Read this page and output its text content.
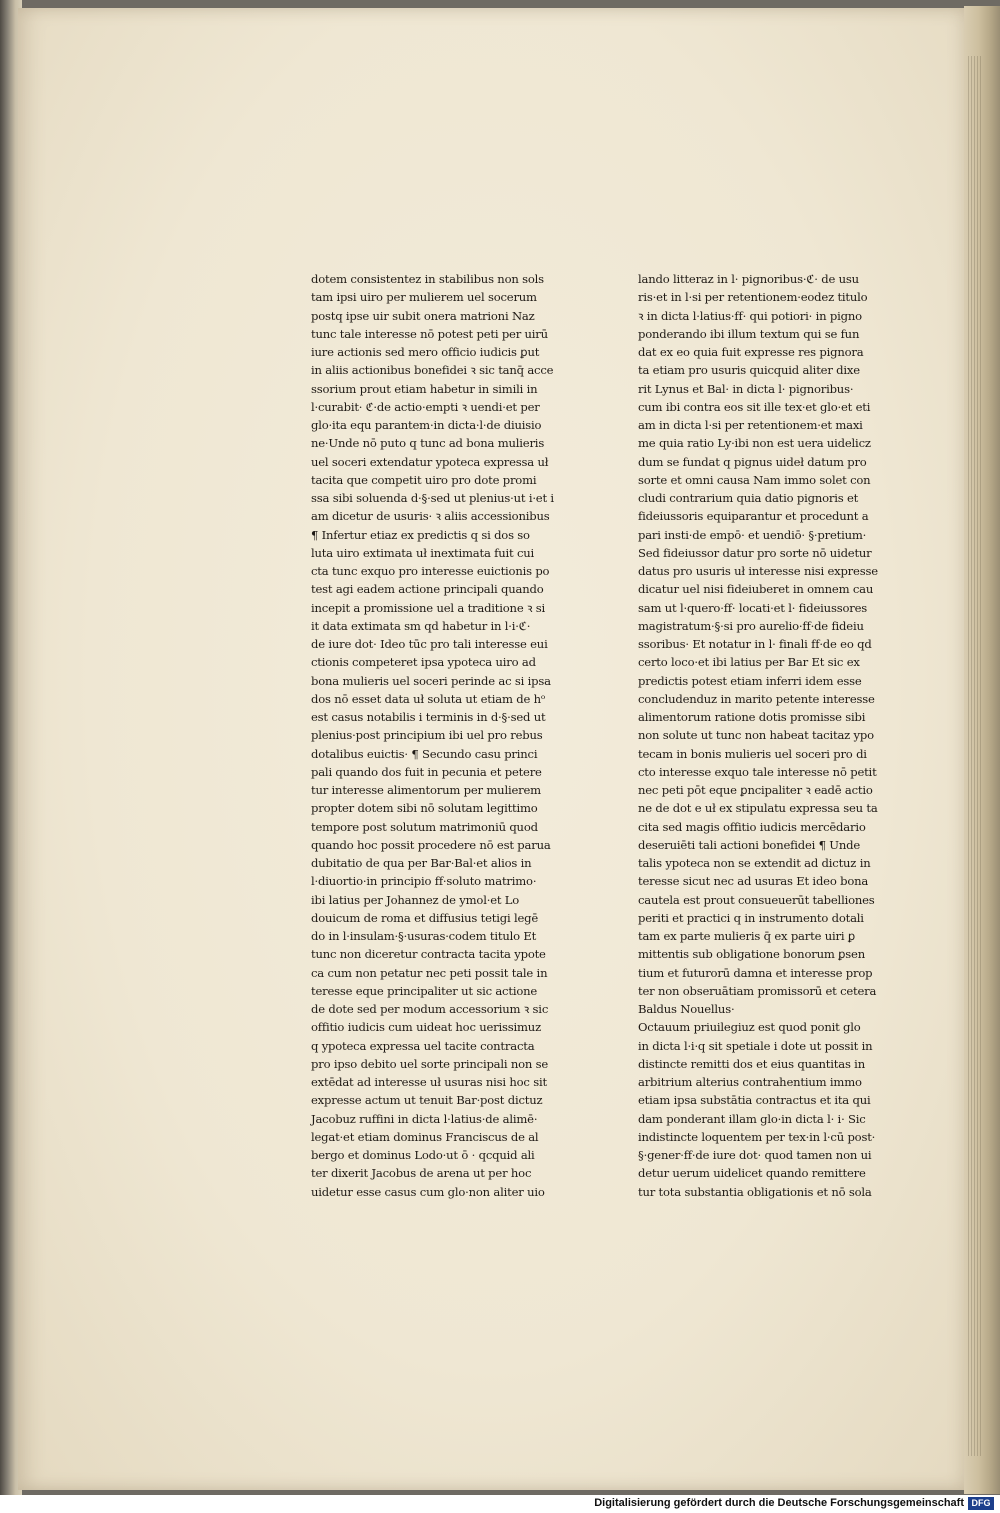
dotem consistentez in stabilibus non sols
tam ipsi uiro per mulierem uel socerum
postq ipse uir subit onera matrioni Naz
tunc tale interesse nō potest peti per uirū
iure actionis sed mero officio iudicis ꝑut
in aliis actionibus bonefidei ꝛ sic tanq̄ acce
ssorium prout etiam habetur in simili in
l·curabit· ℭ·de actio·empti ꝛ uendi·et per
glo·ita equ parantem·in dicta·l·de diuisio
ne·Unde nō puto q tunc ad bona mulieris
uel soceri extendatur ypoteca expressa uł
tacita que competit uiro pro dote promi
ssa sibi soluenda d·§·sed ut plenius·ut i·et i
am dicetur de usuris· ꝛ aliis accessionibus
¶ Infertur etiaz ex predictis q si dos so
luta uiro extimata uł inextimata fuit cui
cta tunc exquo pro interesse euictionis po
test agi eadem actione principali quando
incepit a promissione uel a traditione ꝛ si
it data extimata sm qd habetur in l·i·ℭ·
de iure dot· Ideo tūc pro tali interesse eui
ctionis competeret ipsa ypoteca uiro ad
bona mulieris uel soceri perinde ac si ipsa
dos nō esset data uł soluta ut etiam de hᵒ
est casus notabilis i terminis in d·§·sed ut
plenius·post principium ibi uel pro rebus
dotalibus euictis· ¶ Secundo casu princi
pali quando dos fuit in pecunia et petere
tur interesse alimentorum per mulierem
propter dotem sibi nō solutam legittimo
tempore post solutum matrimoniū quod
quando hoc possit procedere nō est parua
dubitatio de qua per Bar·Bal·et alios in
l·diuortio·in principio ff·soluto matrimo·
ibi latius per Johannez de ymol·et Lo
douicum de roma et diffusius tetigi legē
do in l·insulam·§·usuras·codem titulo Et
tunc non diceretur contracta tacita ypote
ca cum non petatur nec peti possit tale in
teresse eque principaliter ut sic actione
de dote sed per modum accessorium ꝛ sic
offitio iudicis cum uideat hoc uerissimuz
q ypoteca expressa uel tacite contracta
pro ipso debito uel sorte principali non se
extēdat ad interesse uł usuras nisi hoc sit
expresse actum ut tenuit Bar·post dictuz
Jacobuz ruffini in dicta l·latius·de alimē·
legat·et etiam dominus Franciscus de al
bergo et dominus Lodo·ut ō · qcquid ali
ter dixerit Jacobus de arena ut per hoc
uidetur esse casus cum glo·non aliter uio
lando litteraz in l· pignoribus·ℭ· de usu
ris·et in l·si per retentionem·eodez titulo
ꝛ in dicta l·latius·ff· qui potiori· in pigno
ponderando ibi illum textum qui se fun
dat ex eo quia fuit expresse res pignora
ta etiam pro usuris quicquid aliter dixe
rit Lynus et Bal· in dicta l· pignoribus·
cum ibi contra eos sit ille tex·et glo·et eti
am in dicta l·si per retentionem·et maxi
me quia ratio Ly·ibi non est uera uidelicz
dum se fundat q pignus uideł datum pro
sorte et omni causa Nam immo solet con
cludi contrarium quia datio pignoris et
fideiussoris equiparantur et procedunt a
pari insti·de empō· et uendiō· §·pretium·
Sed fideiussor datur pro sorte nō uidetur
datus pro usuris uł interesse nisi expresse
dicatur uel nisi fideiuberet in omnem cau
sam ut l·quero·ff· locati·et l· fideiussores
magistratum·§·si pro aurelio·ff·de fideiu
ssoribus· Et notatur in l· finali ff·de eo qd
certo loco·et ibi latius per Bar Et sic ex
predictis potest etiam inferri idem esse
concludenduz in marito petente interesse
alimentorum ratione dotis promisse sibi
non solute ut tunc non habeat tacitaz ypo
tecam in bonis mulieris uel soceri pro di
cto interesse exquo tale interesse nō petit
nec peti pōt eque ꝑncipaliter ꝛ eadē actio
ne de dot e uł ex stipulatu expressa seu ta
cita sed magis offitio iudicis mercēdario
deseruiēti tali actioni bonefidei ¶ Unde
talis ypoteca non se extendit ad dictuz in
teresse sicut nec ad usuras Et ideo bona
cautela est prout consueuerūt tabelliones
periti et practici q in instrumento dotali
tam ex parte mulieris q̄ ex parte uiri ꝑ
mittentis sub obligatione bonorum ꝑsen
tium et futurorū damna et interesse prop
ter non obseruātiam promissorū et cetera
Baldus Nouellus·
Octauum priuilegiuz est quod ponit glo
in dicta l·i·q sit spetiale i dote ut possit in
distincte remitti dos et eius quantitas in
arbitrium alterius contrahentium immo
etiam ipsa substātia contractus et ita qui
dam ponderant illam glo·in dicta l· i· Sic
indistincte loquentem per tex·in l·cū post·
§·gener·ff·de iure dot· quod tamen non ui
detur uerum uidelicet quando remittere
tur tota substantia obligationis et nō sola
Digitalisierung gefördert durch die Deutsche Forschungsgemeinschaft DFG
